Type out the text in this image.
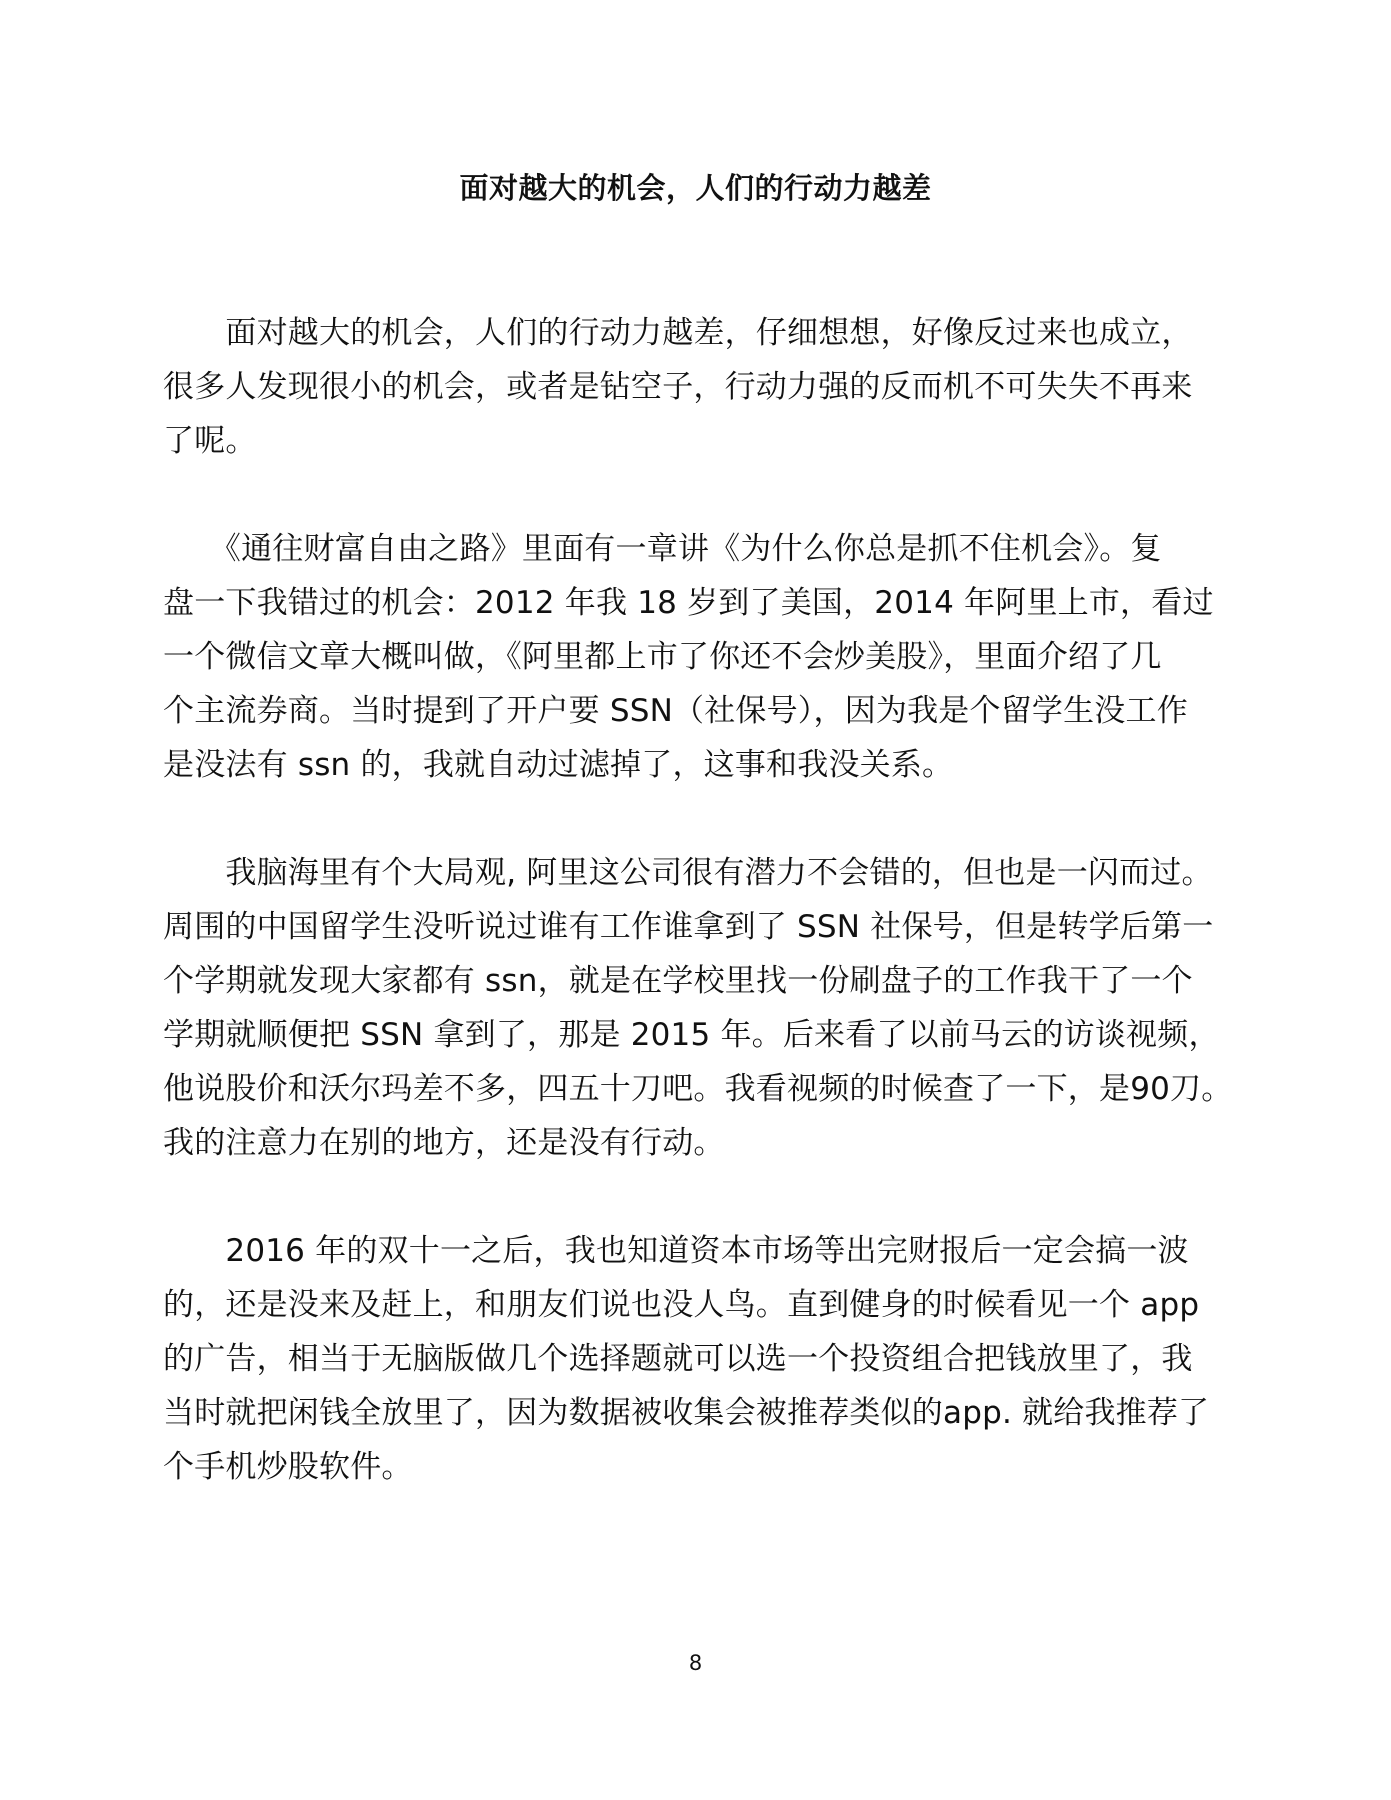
面对越大的机会，人们的行动力越差

　　面对越大的机会，人们的行动力越差，仔细想想，好像反过来也成立，
很多人发现很小的机会，或者是钻空子，行动力强的反而机不可失失不再来
了呢。

　　《通往财富自由之路》里面有一章讲《为什么你总是抓不住机会》。复
盘一下我错过的机会：2012 年我 18 岁到了美国，2014 年阿里上市，看过
一个微信文章大概叫做，《阿里都上市了你还不会炒美股》，里面介绍了几
个主流券商。当时提到了开户要 SSN（社保号），因为我是个留学生没工作
是没法有 ssn 的，我就自动过滤掉了，这事和我没关系。

　　我脑海里有个大局观, 阿里这公司很有潜力不会错的，但也是一闪而过。
周围的中国留学生没听说过谁有工作谁拿到了 SSN 社保号，但是转学后第一
个学期就发现大家都有 ssn，就是在学校里找一份刷盘子的工作我干了一个
学期就顺便把 SSN 拿到了，那是 2015 年。后来看了以前马云的访谈视频，
他说股价和沃尔玛差不多，四五十刀吧。我看视频的时候查了一下，是90刀。
我的注意力在别的地方，还是没有行动。

　　2016 年的双十一之后，我也知道资本市场等出完财报后一定会搞一波
的，还是没来及赶上，和朋友们说也没人鸟。直到健身的时候看见一个 app
的广告，相当于无脑版做几个选择题就可以选一个投资组合把钱放里了，我
当时就把闲钱全放里了，因为数据被收集会被推荐类似的app. 就给我推荐了
个手机炒股软件。

8
